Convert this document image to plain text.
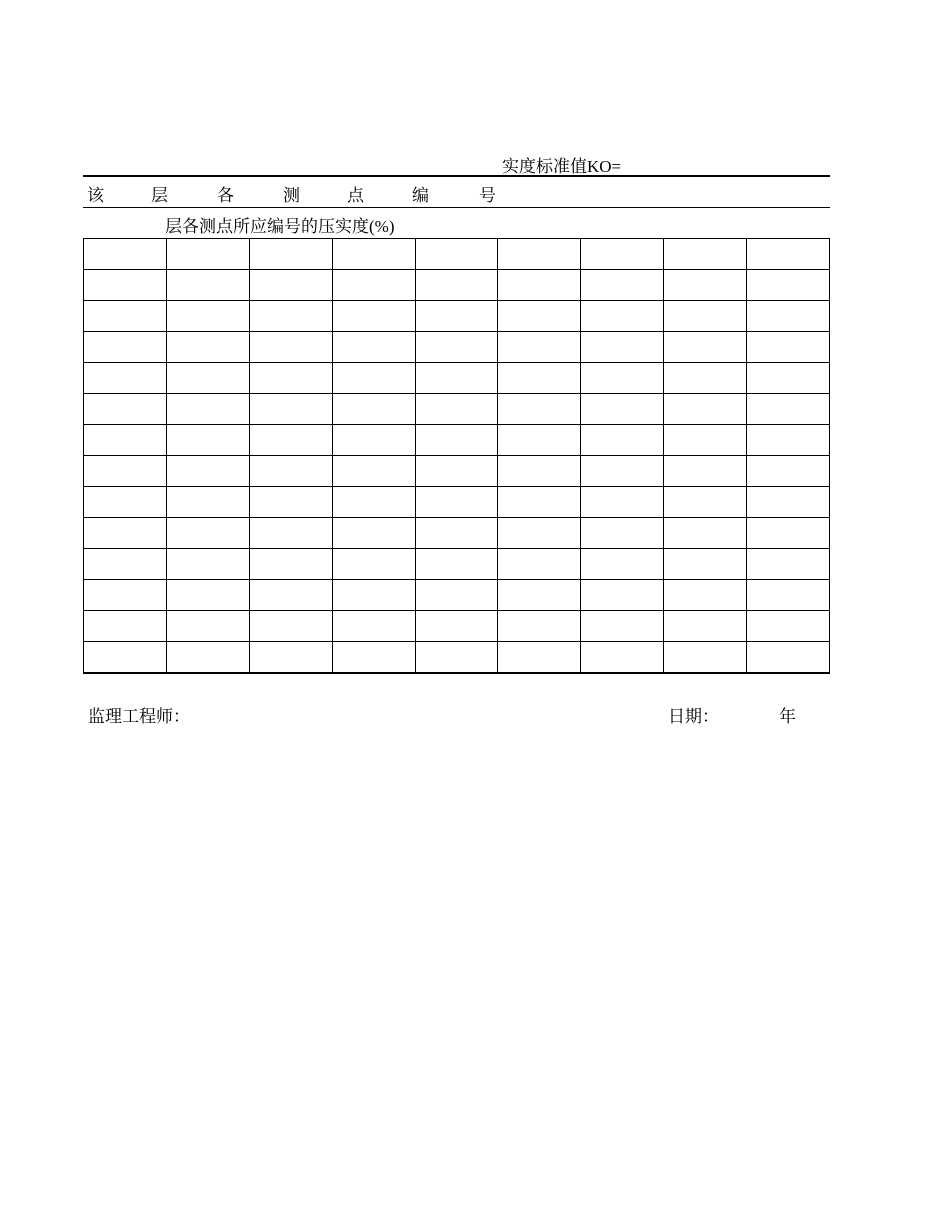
实度标准值KO=
该	层	各	测	点	编	号
层各测点所应编号的压实度(%)

监理工程师：	日期：	年
